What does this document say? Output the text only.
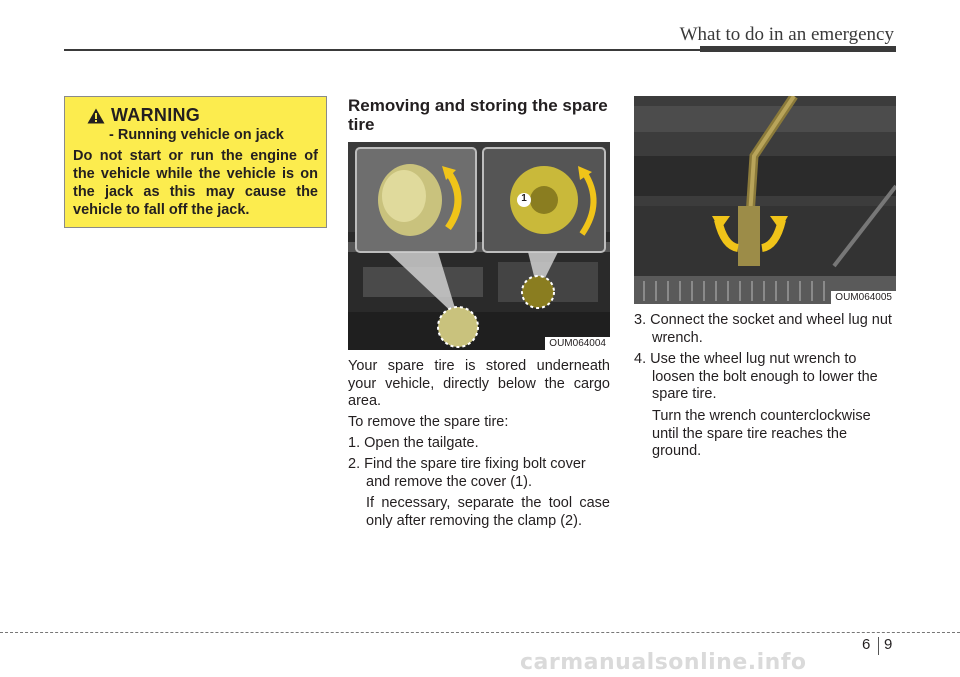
What to do in an emergency
WARNING
- Running vehicle on jack
Do not start or run the engine of the vehicle while the vehicle is on the jack as this may cause the vehicle to fall off the jack.
Removing and storing the spare tire
1
OUM064004
OUM064005
Your spare tire is stored underneath your vehicle, directly below the cargo area.
To remove the spare tire:
1. Open the tailgate.
2. Find the spare tire fixing bolt cover and remove the cover (1).
If necessary, separate the tool case only after removing the clamp (2).
3. Connect the socket and wheel lug nut wrench.
4. Use the wheel lug nut wrench to loosen the bolt enough to lower the spare tire.
Turn the wrench counterclockwise until the spare tire reaches the ground.
6 9
carmanualsonline.info
